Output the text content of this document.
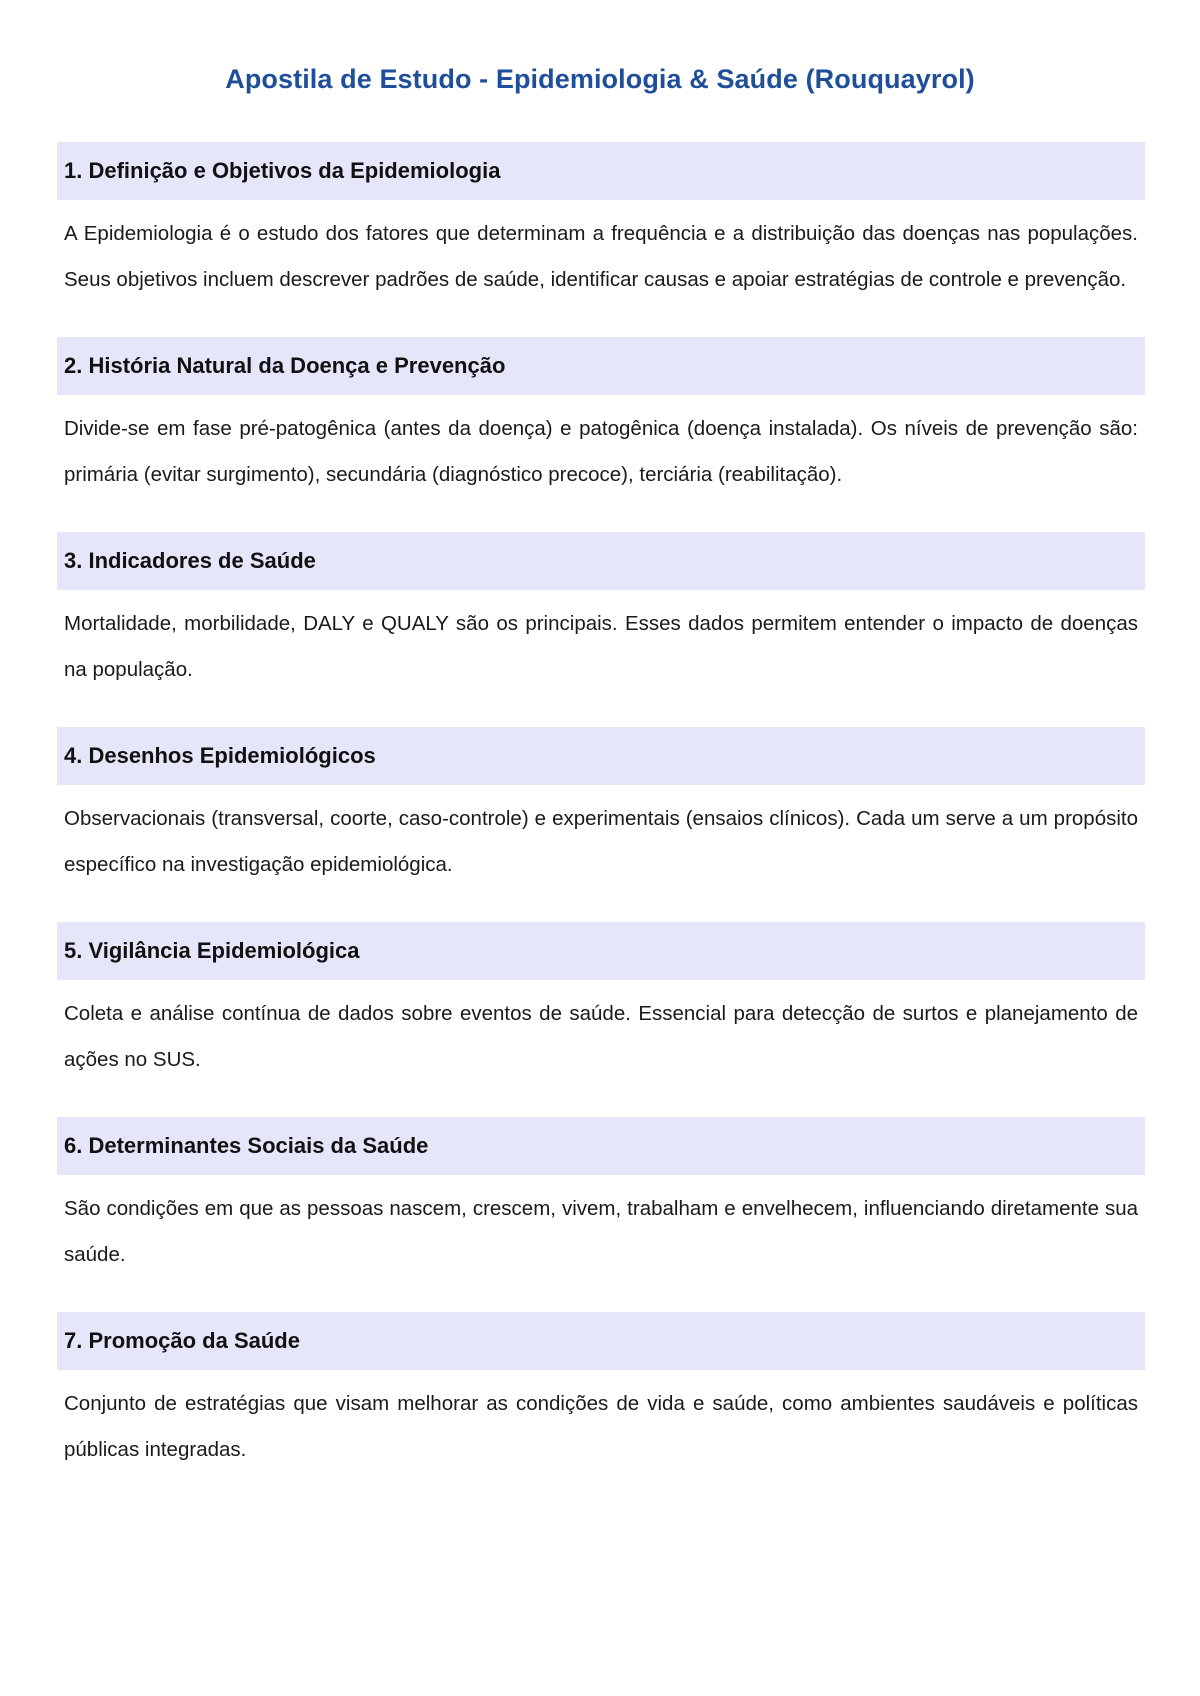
Apostila de Estudo - Epidemiologia & Saúde (Rouquayrol)
1. Definição e Objetivos da Epidemiologia

A Epidemiologia é o estudo dos fatores que determinam a frequência e a distribuição das doenças nas populações. Seus objetivos incluem descrever padrões de saúde, identificar causas e apoiar estratégias de controle e prevenção.

2. História Natural da Doença e Prevenção

Divide-se em fase pré-patogênica (antes da doença) e patogênica (doença instalada). Os níveis de prevenção são: primária (evitar surgimento), secundária (diagnóstico precoce), terciária (reabilitação).

3. Indicadores de Saúde

Mortalidade, morbilidade, DALY e QUALY são os principais. Esses dados permitem entender o impacto de doenças na população.

4. Desenhos Epidemiológicos

Observacionais (transversal, coorte, caso-controle) e experimentais (ensaios clínicos). Cada um serve a um propósito específico na investigação epidemiológica.

5. Vigilância Epidemiológica

Coleta e análise contínua de dados sobre eventos de saúde. Essencial para detecção de surtos e planejamento de ações no SUS.

6. Determinantes Sociais da Saúde

São condições em que as pessoas nascem, crescem, vivem, trabalham e envelhecem, influenciando diretamente sua saúde.

7. Promoção da Saúde

Conjunto de estratégias que visam melhorar as condições de vida e saúde, como ambientes saudáveis e políticas públicas integradas.
